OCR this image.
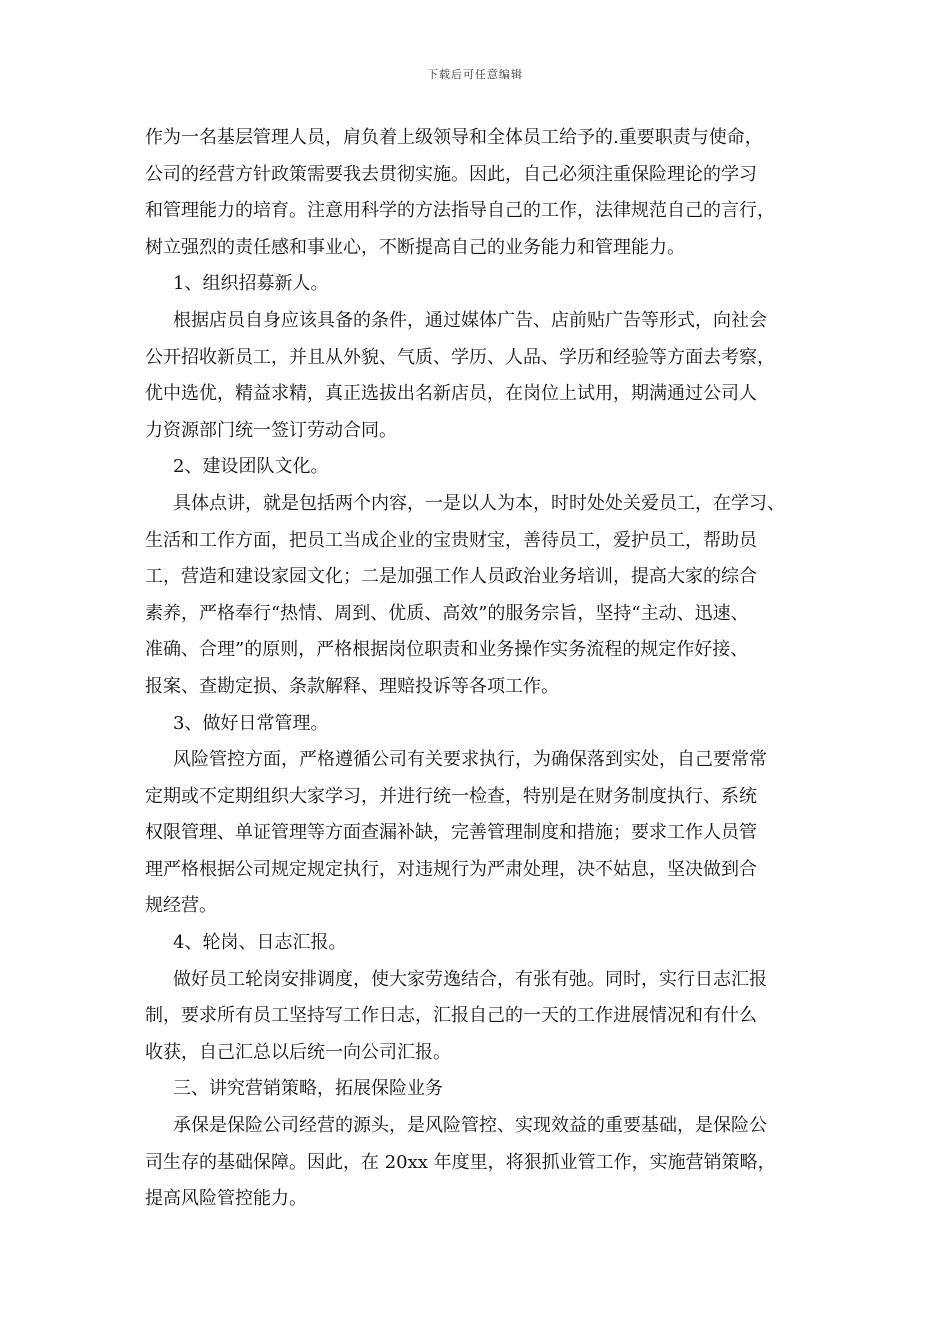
下载后可任意编辑
作为一名基层管理人员，肩负着上级领导和全体员工给予的.重要职责与使命，
公司的经营方针政策需要我去贯彻实施。因此，自己必须注重保险理论的学习
和管理能力的培育。注意用科学的方法指导自己的工作，法律规范自己的言行，
树立强烈的责任感和事业心，不断提高自己的业务能力和管理能力。
1、组织招募新人。
根据店员自身应该具备的条件，通过媒体广告、店前贴广告等形式，向社会
公开招收新员工，并且从外貌、气质、学历、人品、学历和经验等方面去考察，
优中选优，精益求精，真正选拔出名新店员，在岗位上试用，期满通过公司人
力资源部门统一签订劳动合同。
2、建设团队文化。
具体点讲，就是包括两个内容，一是以人为本，时时处处关爱员工，在学习、
生活和工作方面，把员工当成企业的宝贵财宝，善待员工，爱护员工，帮助员
工，营造和建设家园文化；二是加强工作人员政治业务培训，提高大家的综合
素养，严格奉行“热情、周到、优质、高效”的服务宗旨，坚持“主动、迅速、
准确、合理”的原则，严格根据岗位职责和业务操作实务流程的规定作好接、
报案、查勘定损、条款解释、理赔投诉等各项工作。
3、做好日常管理。
风险管控方面，严格遵循公司有关要求执行，为确保落到实处，自己要常常
定期或不定期组织大家学习，并进行统一检查，特别是在财务制度执行、系统
权限管理、单证管理等方面查漏补缺，完善管理制度和措施；要求工作人员管
理严格根据公司规定规定执行，对违规行为严肃处理，决不姑息，坚决做到合
规经营。
4、轮岗、日志汇报。
做好员工轮岗安排调度，使大家劳逸结合，有张有弛。同时，实行日志汇报
制，要求所有员工坚持写工作日志，汇报自己的一天的工作进展情况和有什么
收获，自己汇总以后统一向公司汇报。
三、讲究营销策略，拓展保险业务
承保是保险公司经营的源头，是风险管控、实现效益的重要基础，是保险公
司生存的基础保障。因此，在 20xx 年度里，将狠抓业管工作，实施营销策略，
提高风险管控能力。
